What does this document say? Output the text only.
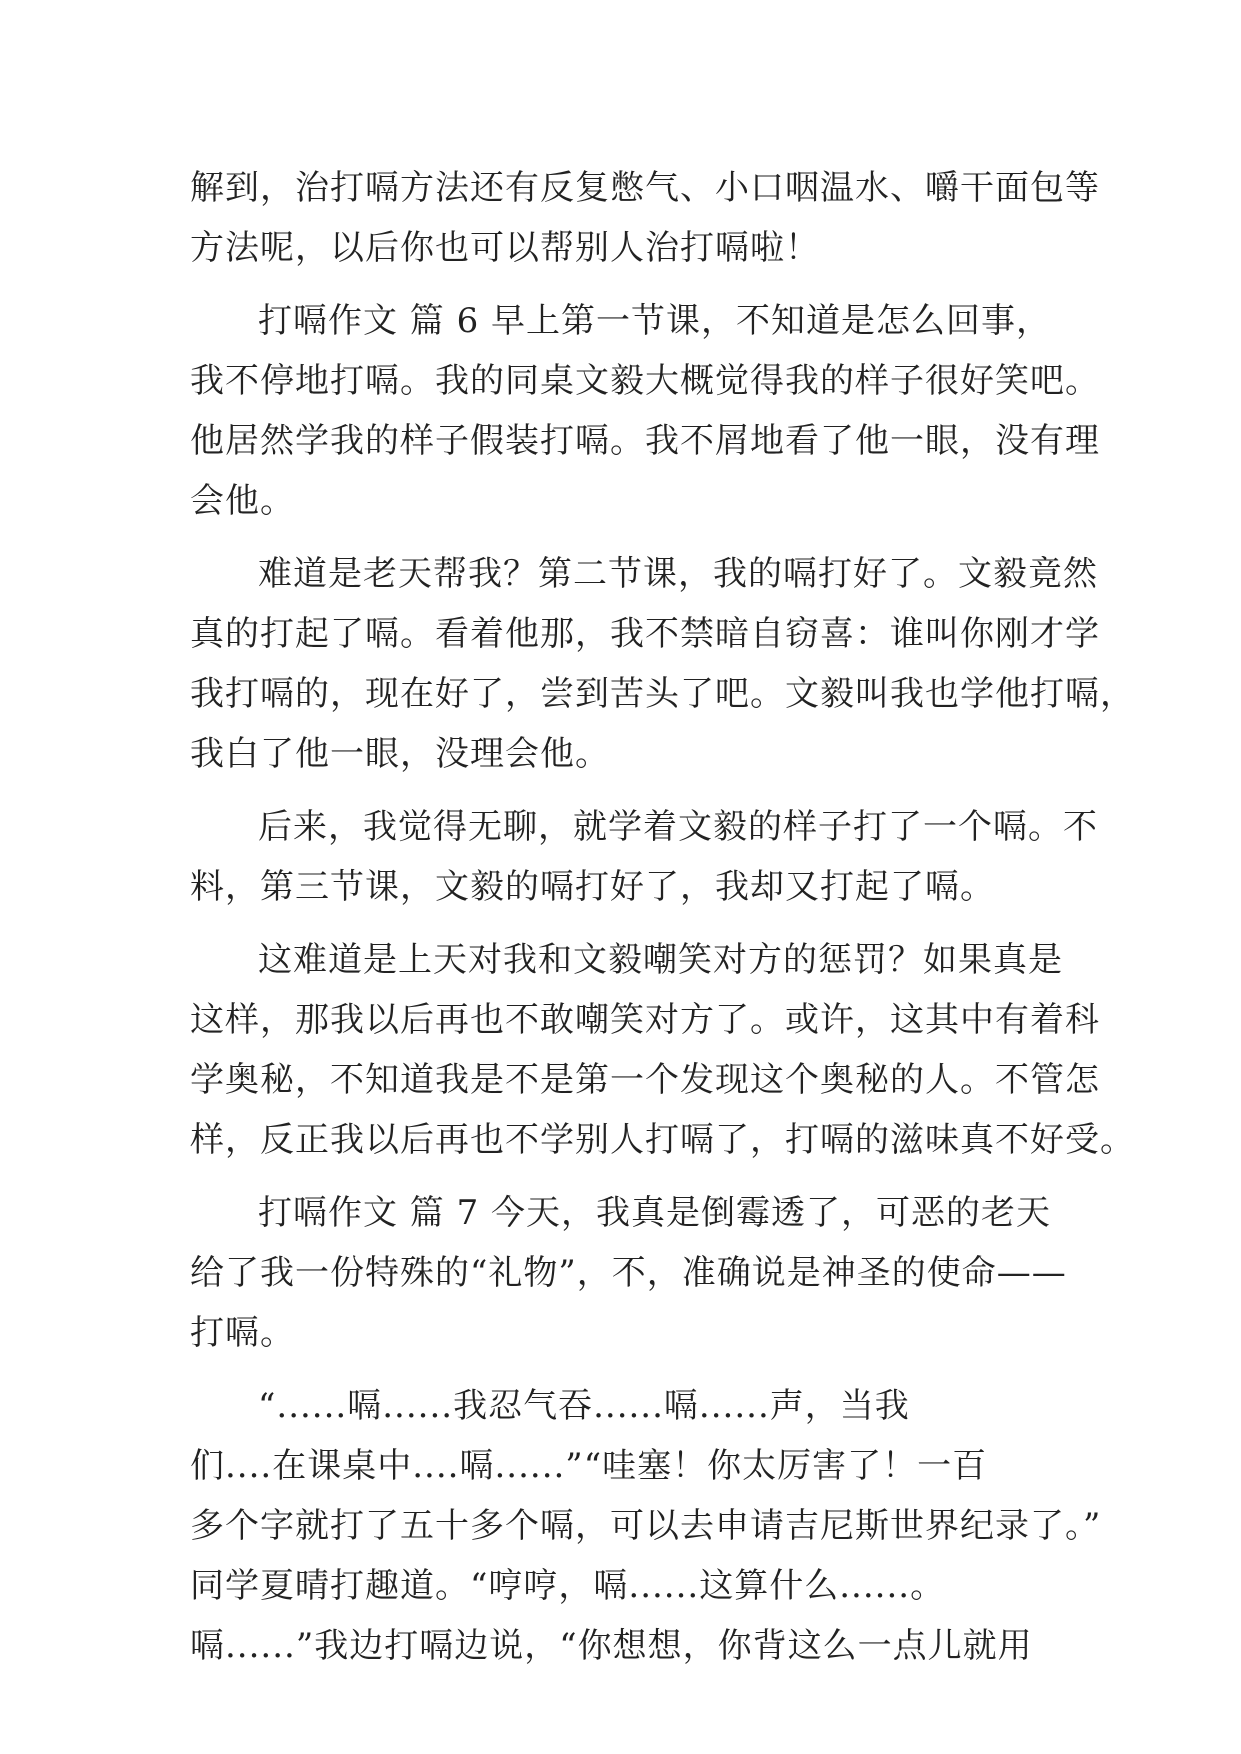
解到，治打嗝方法还有反复憋气、小口咽温水、嚼干面包等
方法呢，以后你也可以帮别人治打嗝啦！
打嗝作文 篇 6 早上第一节课，不知道是怎么回事，
我不停地打嗝。我的同桌文毅大概觉得我的样子很好笑吧。
他居然学我的样子假装打嗝。我不屑地看了他一眼，没有理
会他。
难道是老天帮我？第二节课，我的嗝打好了。文毅竟然
真的打起了嗝。看着他那，我不禁暗自窃喜：谁叫你刚才学
我打嗝的，现在好了，尝到苦头了吧。文毅叫我也学他打嗝，
我白了他一眼，没理会他。
后来，我觉得无聊，就学着文毅的样子打了一个嗝。不
料，第三节课，文毅的嗝打好了，我却又打起了嗝。
这难道是上天对我和文毅嘲笑对方的惩罚？如果真是
这样，那我以后再也不敢嘲笑对方了。或许，这其中有着科
学奥秘，不知道我是不是第一个发现这个奥秘的人。不管怎
样，反正我以后再也不学别人打嗝了，打嗝的滋味真不好受。
打嗝作文 篇 7 今天，我真是倒霉透了，可恶的老天
给了我一份特殊的“礼物”，不，准确说是神圣的使命——
打嗝。
“......嗝......我忍气吞......嗝......声，当我
们....在课桌中....嗝......”“哇塞！你太厉害了！一百
多个字就打了五十多个嗝，可以去申请吉尼斯世界纪录了。”
同学夏晴打趣道。“哼哼，嗝......这算什么......。
嗝......”我边打嗝边说，“你想想，你背这么一点儿就用
